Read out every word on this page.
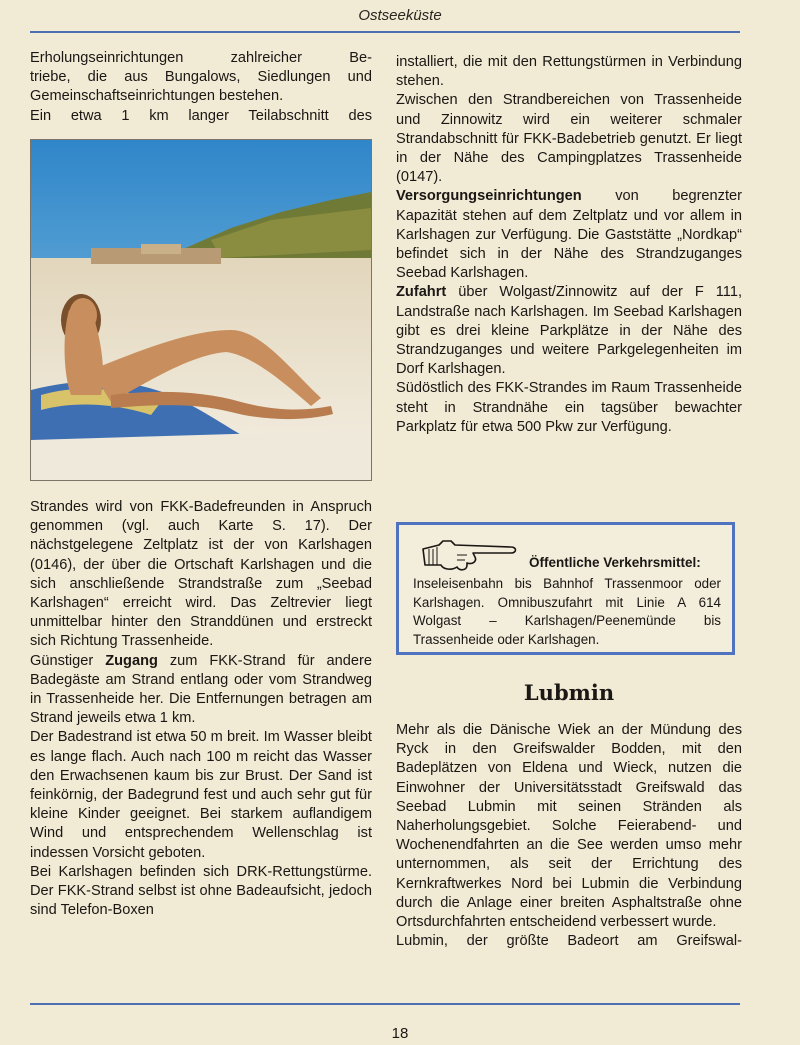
Ostseeküste

Erholungseinrichtungen zahlreicher Be-

triebe, die aus Bungalows, Siedlungen und

Gemeinschaftseinrichtungen bestehen.

Ein etwa 1 km langer Teilabschnitt des

Strandes wird von FKK-Badefreunden in Anspruch genommen (vgl. auch Karte S. 17). Der nächstgelegene Zeltplatz ist der von Karlshagen (0146), der über die Ortschaft Karlshagen und die sich anschließende Strandstraße zum „Seebad Karlshagen“ erreicht wird. Das Zeltrevier liegt unmittelbar hinter den Stranddünen und erstreckt sich Richtung Trassenheide.

Günstiger Zugang zum FKK-Strand für andere Badegäste am Strand entlang oder vom Strandweg in Trassenheide her. Die Entfernungen betragen am Strand jeweils etwa 1 km.

Der Badestrand ist etwa 50 m breit. Im Wasser bleibt es lange flach. Auch nach 100 m reicht das Wasser den Erwachsenen kaum bis zur Brust. Der Sand ist feinkörnig, der Badegrund fest und auch sehr gut für kleine Kinder geeignet. Bei starkem auflandigem Wind und entsprechendem Wellenschlag ist indessen Vorsicht geboten.

Bei Karlshagen befinden sich DRK-Rettungstürme. Der FKK-Strand selbst ist ohne Badeaufsicht, jedoch sind Telefon-Boxen

installiert, die mit den Rettungstürmen in Verbindung stehen.

Zwischen den Strandbereichen von Trassenheide und Zinnowitz wird ein weiterer schmaler Strandabschnitt für FKK-Badebetrieb genutzt. Er liegt in der Nähe des Campingplatzes Trassenheide (0147).

Versorgungseinrichtungen von begrenzter Kapazität stehen auf dem Zeltplatz und vor allem in Karlshagen zur Verfügung. Die Gaststätte „Nordkap“ befindet sich in der Nähe des Strandzuganges Seebad Karlshagen.

Zufahrt über Wolgast/Zinnowitz auf der F 111, Landstraße nach Karlshagen. Im Seebad Karlshagen gibt es drei kleine Parkplätze in der Nähe des Strandzuganges und weitere Parkgelegenheiten im Dorf Karlshagen.

Südöstlich des FKK-Strandes im Raum Trassenheide steht in Strandnähe ein tagsüber bewachter Parkplatz für etwa 500 Pkw zur Verfügung.

Öffentliche Verkehrsmittel:
Inseleisenbahn bis Bahnhof Trassenmoor oder Karlshagen. Omnibuszufahrt mit Linie A 614 Wolgast – Karlshagen/Peenemünde bis Trassenheide oder Karlshagen.
Lubmin

Mehr als die Dänische Wiek an der Mündung des Ryck in den Greifswalder Bodden, mit den Badeplätzen von Eldena und Wieck, nutzen die Einwohner der Universitätsstadt Greifswald das Seebad Lubmin mit seinen Stränden als Naherholungsgebiet. Solche Feierabend- und Wochenendfahrten an die See werden umso mehr unternommen, als seit der Errichtung des Kernkraftwerkes Nord bei Lubmin die Verbindung durch die Anlage einer breiten Asphaltstraße ohne Ortsdurchfahrten entscheidend verbessert wurde.

Lubmin, der größte Badeort am Greifswal-

18
